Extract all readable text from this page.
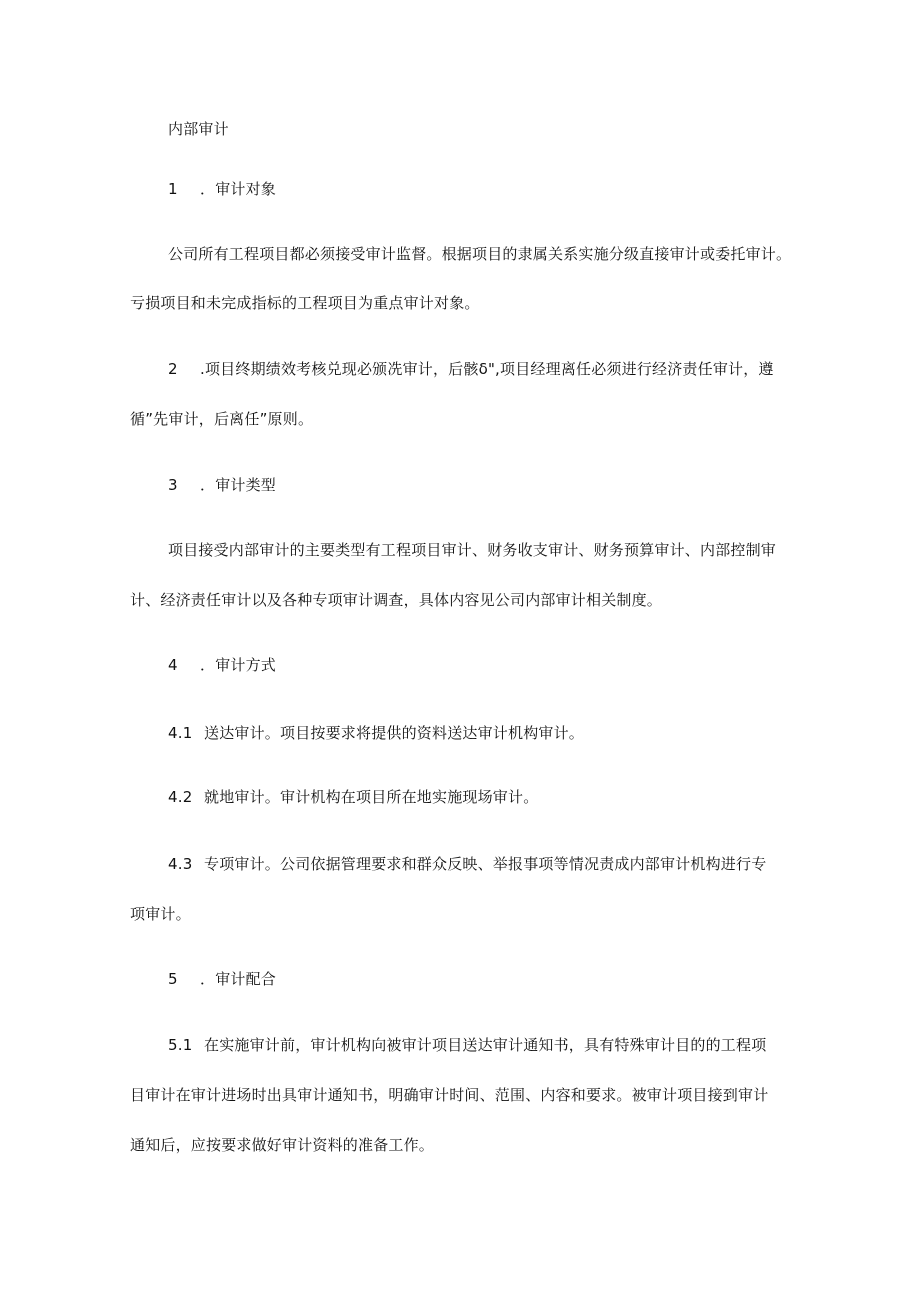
内部审计
1 ．审计对象
公司所有工程项目都必须接受审计监督。根据项目的隶属关系实施分级直接审计或委托审计。
亏损项目和未完成指标的工程项目为重点审计对象。
2 .项目终期绩效考核兑现必颁冼审计，后骸δ",项目经理离任必须进行经济责任审计，遵
循”先审计，后离任”原则。
3 ．审计类型
项目接受内部审计的主要类型有工程项目审计、财务收支审计、财务预算审计、内部控制审
计、经济责任审计以及各种专项审计调查，具体内容见公司内部审计相关制度。
4 ．审计方式
4.1 送达审计。项目按要求将提供的资料送达审计机构审计。
4.2 就地审计。审计机构在项目所在地实施现场审计。
4.3 专项审计。公司依据管理要求和群众反映、举报事项等情况责成内部审计机构进行专
项审计。
5 ．审计配合
5.1 在实施审计前，审计机构向被审计项目送达审计通知书，具有特殊审计目的的工程项
目审计在审计进场时出具审计通知书，明确审计时间、范围、内容和要求。被审计项目接到审计
通知后，应按要求做好审计资料的准备工作。
